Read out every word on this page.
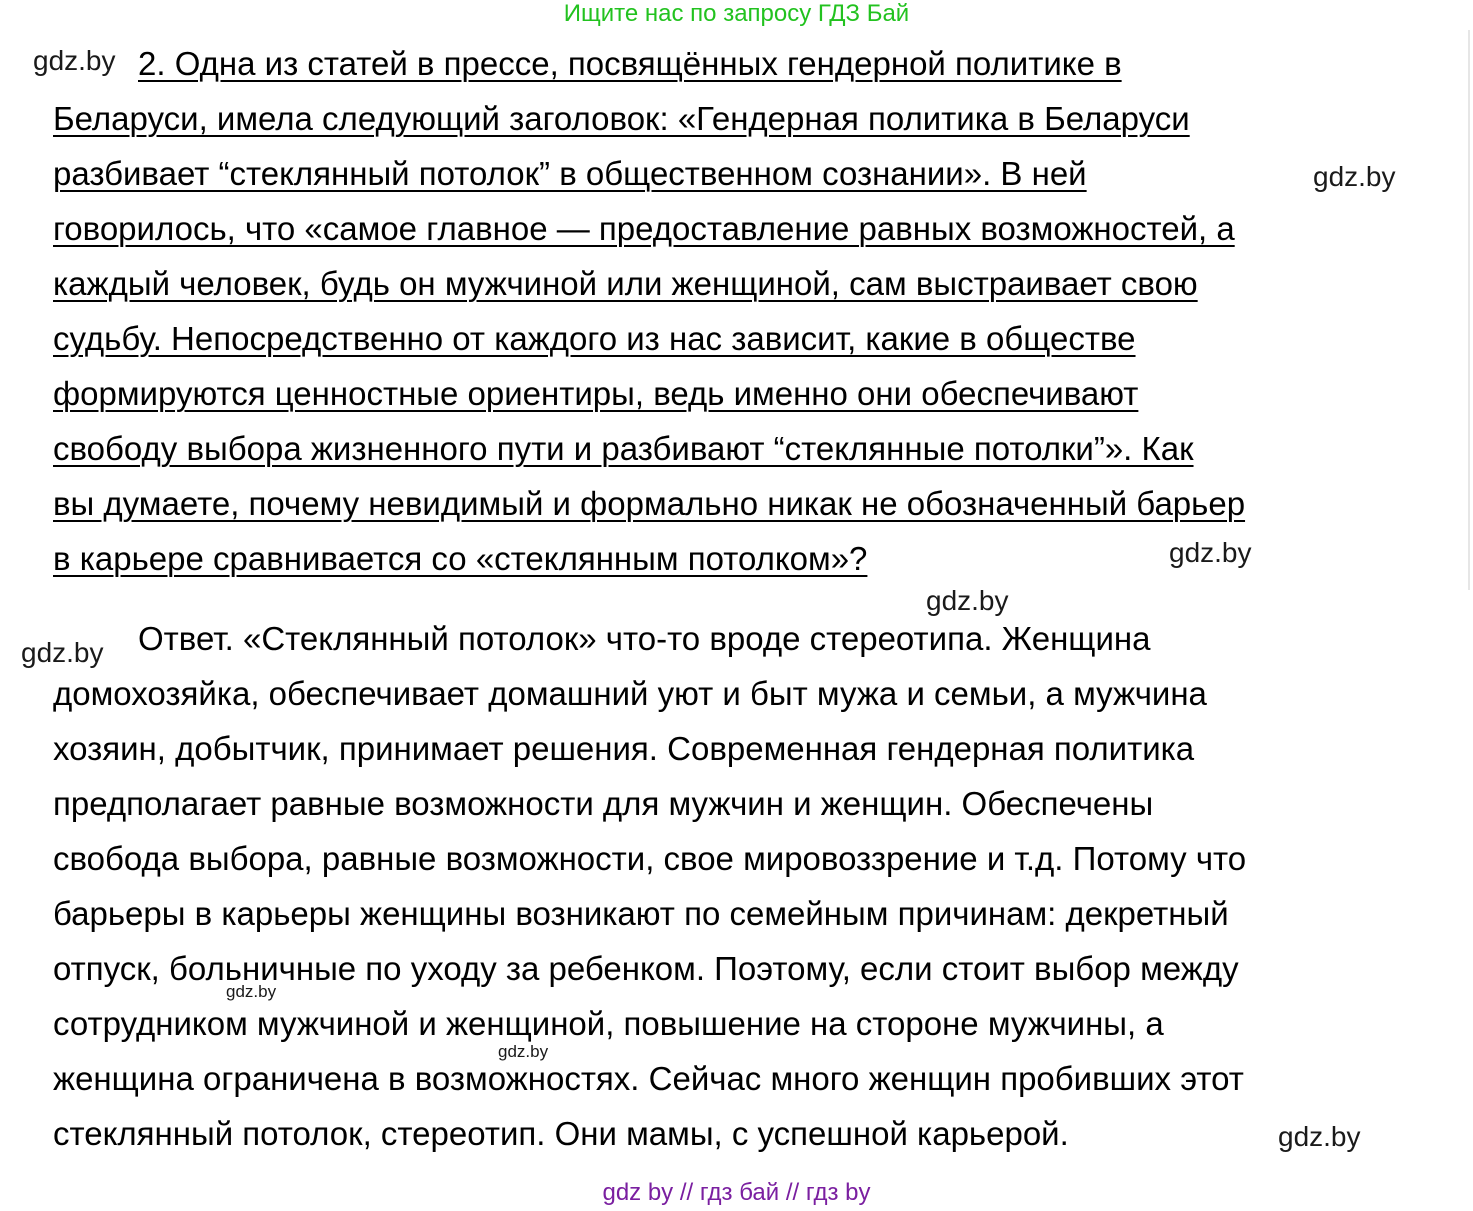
Ищите нас по запросу ГДЗ Бай
gdz.by
gdz.by
gdz.by
gdz.by
gdz.by
gdz.by
gdz.by
gdz.by
2. Одна из статей в прессе, посвящённых гендерной политике в
Беларуси, имела следующий заголовок: «Гендерная политика в Беларуси
разбивает “стеклянный потолок” в общественном сознании». В ней
говорилось, что «самое главное — предоставление равных возможностей, а
каждый человек, будь он мужчиной или женщиной, сам выстраивает свою
судьбу. Непосредственно от каждого из нас зависит, какие в обществе
формируются ценностные ориентиры, ведь именно они обеспечивают
свободу выбора жизненного пути и разбивают “стеклянные потолки”». Как
вы думаете, почему невидимый и формально никак не обозначенный барьер
в карьере сравнивается со «стеклянным потолком»?
Ответ. «Стеклянный потолок» что-то вроде стереотипа. Женщина
домохозяйка, обеспечивает домашний уют и быт мужа и семьи, а мужчина
хозяин, добытчик, принимает решения. Современная гендерная политика
предполагает равные возможности для мужчин и женщин. Обеспечены
свобода выбора, равные возможности, свое мировоззрение и т.д. Потому что
барьеры в карьеры женщины возникают по семейным причинам: декретный
отпуск, больничные по уходу за ребенком. Поэтому, если стоит выбор между
сотрудником мужчиной и женщиной, повышение на стороне мужчины, а
женщина ограничена в возможностях. Сейчас много женщин пробивших этот
стеклянный потолок, стереотип. Они мамы, с успешной карьерой.
gdz by // гдз бай // гдз by
